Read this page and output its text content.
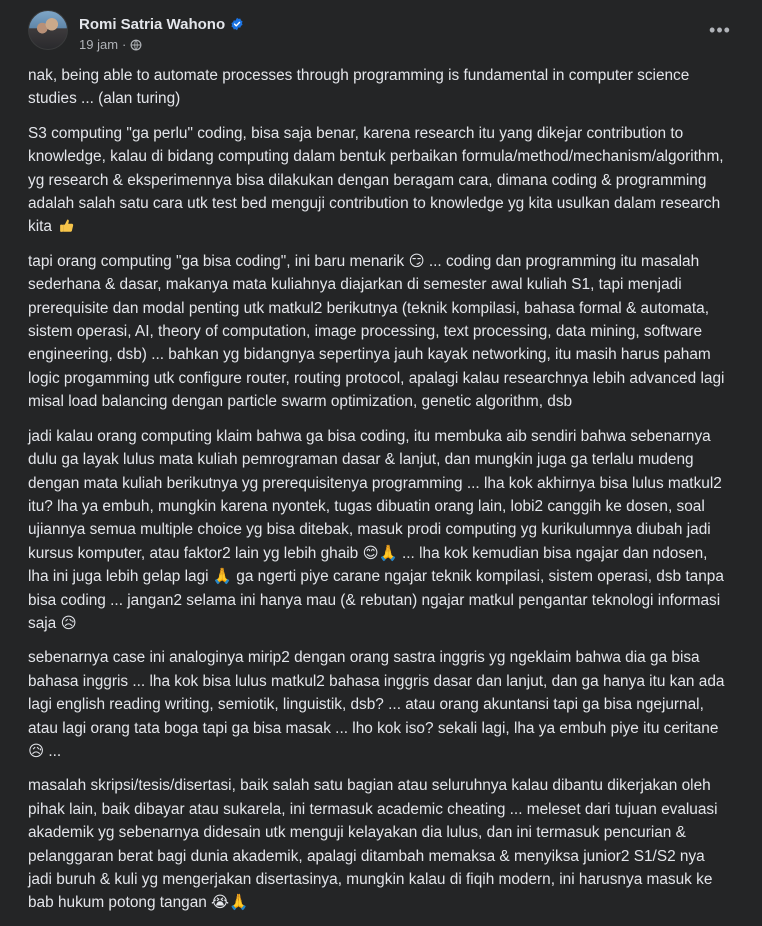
Romi Satria Wahono
19 jam ·
•••

nak, being able to automate processes through programming is fundamental in computer science studies ... (alan turing)

S3 computing "ga perlu" coding, bisa saja benar, karena research itu yang dikejar contribution to knowledge, kalau di bidang computing dalam bentuk perbaikan formula/method/mechanism/algorithm, yg research & eksperimennya bisa dilakukan dengan beragam cara, dimana coding & programming adalah salah satu cara utk test bed menguji contribution to knowledge yg kita usulkan dalam research kita

tapi orang computing "ga bisa coding", ini baru menarik 😏 ... coding dan programming itu masalah sederhana & dasar, makanya mata kuliahnya diajarkan di semester awal kuliah S1, tapi menjadi prerequisite dan modal penting utk matkul2 berikutnya (teknik kompilasi, bahasa formal & automata, sistem operasi, AI, theory of computation, image processing, text processing, data mining, software engineering, dsb) ... bahkan yg bidangnya sepertinya jauh kayak networking, itu masih harus paham logic progamming utk configure router, routing protocol, apalagi kalau researchnya lebih advanced lagi misal load balancing dengan particle swarm optimization, genetic algorithm, dsb

jadi kalau orang computing klaim bahwa ga bisa coding, itu membuka aib sendiri bahwa sebenarnya dulu ga layak lulus mata kuliah pemrograman dasar & lanjut, dan mungkin juga ga terlalu mudeng dengan mata kuliah berikutnya yg prerequisitenya programming ... lha kok akhirnya bisa lulus matkul2 itu? lha ya embuh, mungkin karena nyontek, tugas dibuatin orang lain, lobi2 canggih ke dosen, soal ujiannya semua multiple choice yg bisa ditebak, masuk prodi computing yg kurikulumnya diubah jadi kursus komputer, atau faktor2 lain yg lebih ghaib 😊🙏 ... lha kok kemudian bisa ngajar dan ndosen, lha ini juga lebih gelap lagi 🙏 ga ngerti piye carane ngajar teknik kompilasi, sistem operasi, dsb tanpa bisa coding ... jangan2 selama ini hanya mau (& rebutan) ngajar matkul pengantar teknologi informasi saja 😥

sebenarnya case ini analoginya mirip2 dengan orang sastra inggris yg ngeklaim bahwa dia ga bisa bahasa inggris ... lha kok bisa lulus matkul2 bahasa inggris dasar dan lanjut, dan ga hanya itu kan ada lagi english reading writing, semiotik, linguistik, dsb? ... atau orang akuntansi tapi ga bisa ngejurnal, atau lagi orang tata boga tapi ga bisa masak ... lho kok iso? sekali lagi, lha ya embuh piye itu ceritane 😥 ...

masalah skripsi/tesis/disertasi, baik salah satu bagian atau seluruhnya kalau dibantu dikerjakan oleh pihak lain, baik dibayar atau sukarela, ini termasuk academic cheating ... meleset dari tujuan evaluasi akademik yg sebenarnya didesain utk menguji kelayakan dia lulus, dan ini termasuk pencurian & pelanggaran berat bagi dunia akademik, apalagi ditambah memaksa & menyiksa junior2 S1/S2 nya jadi buruh & kuli yg mengerjakan disertasinya, mungkin kalau di fiqih modern, ini harusnya masuk ke bab hukum potong tangan 😭🙏
